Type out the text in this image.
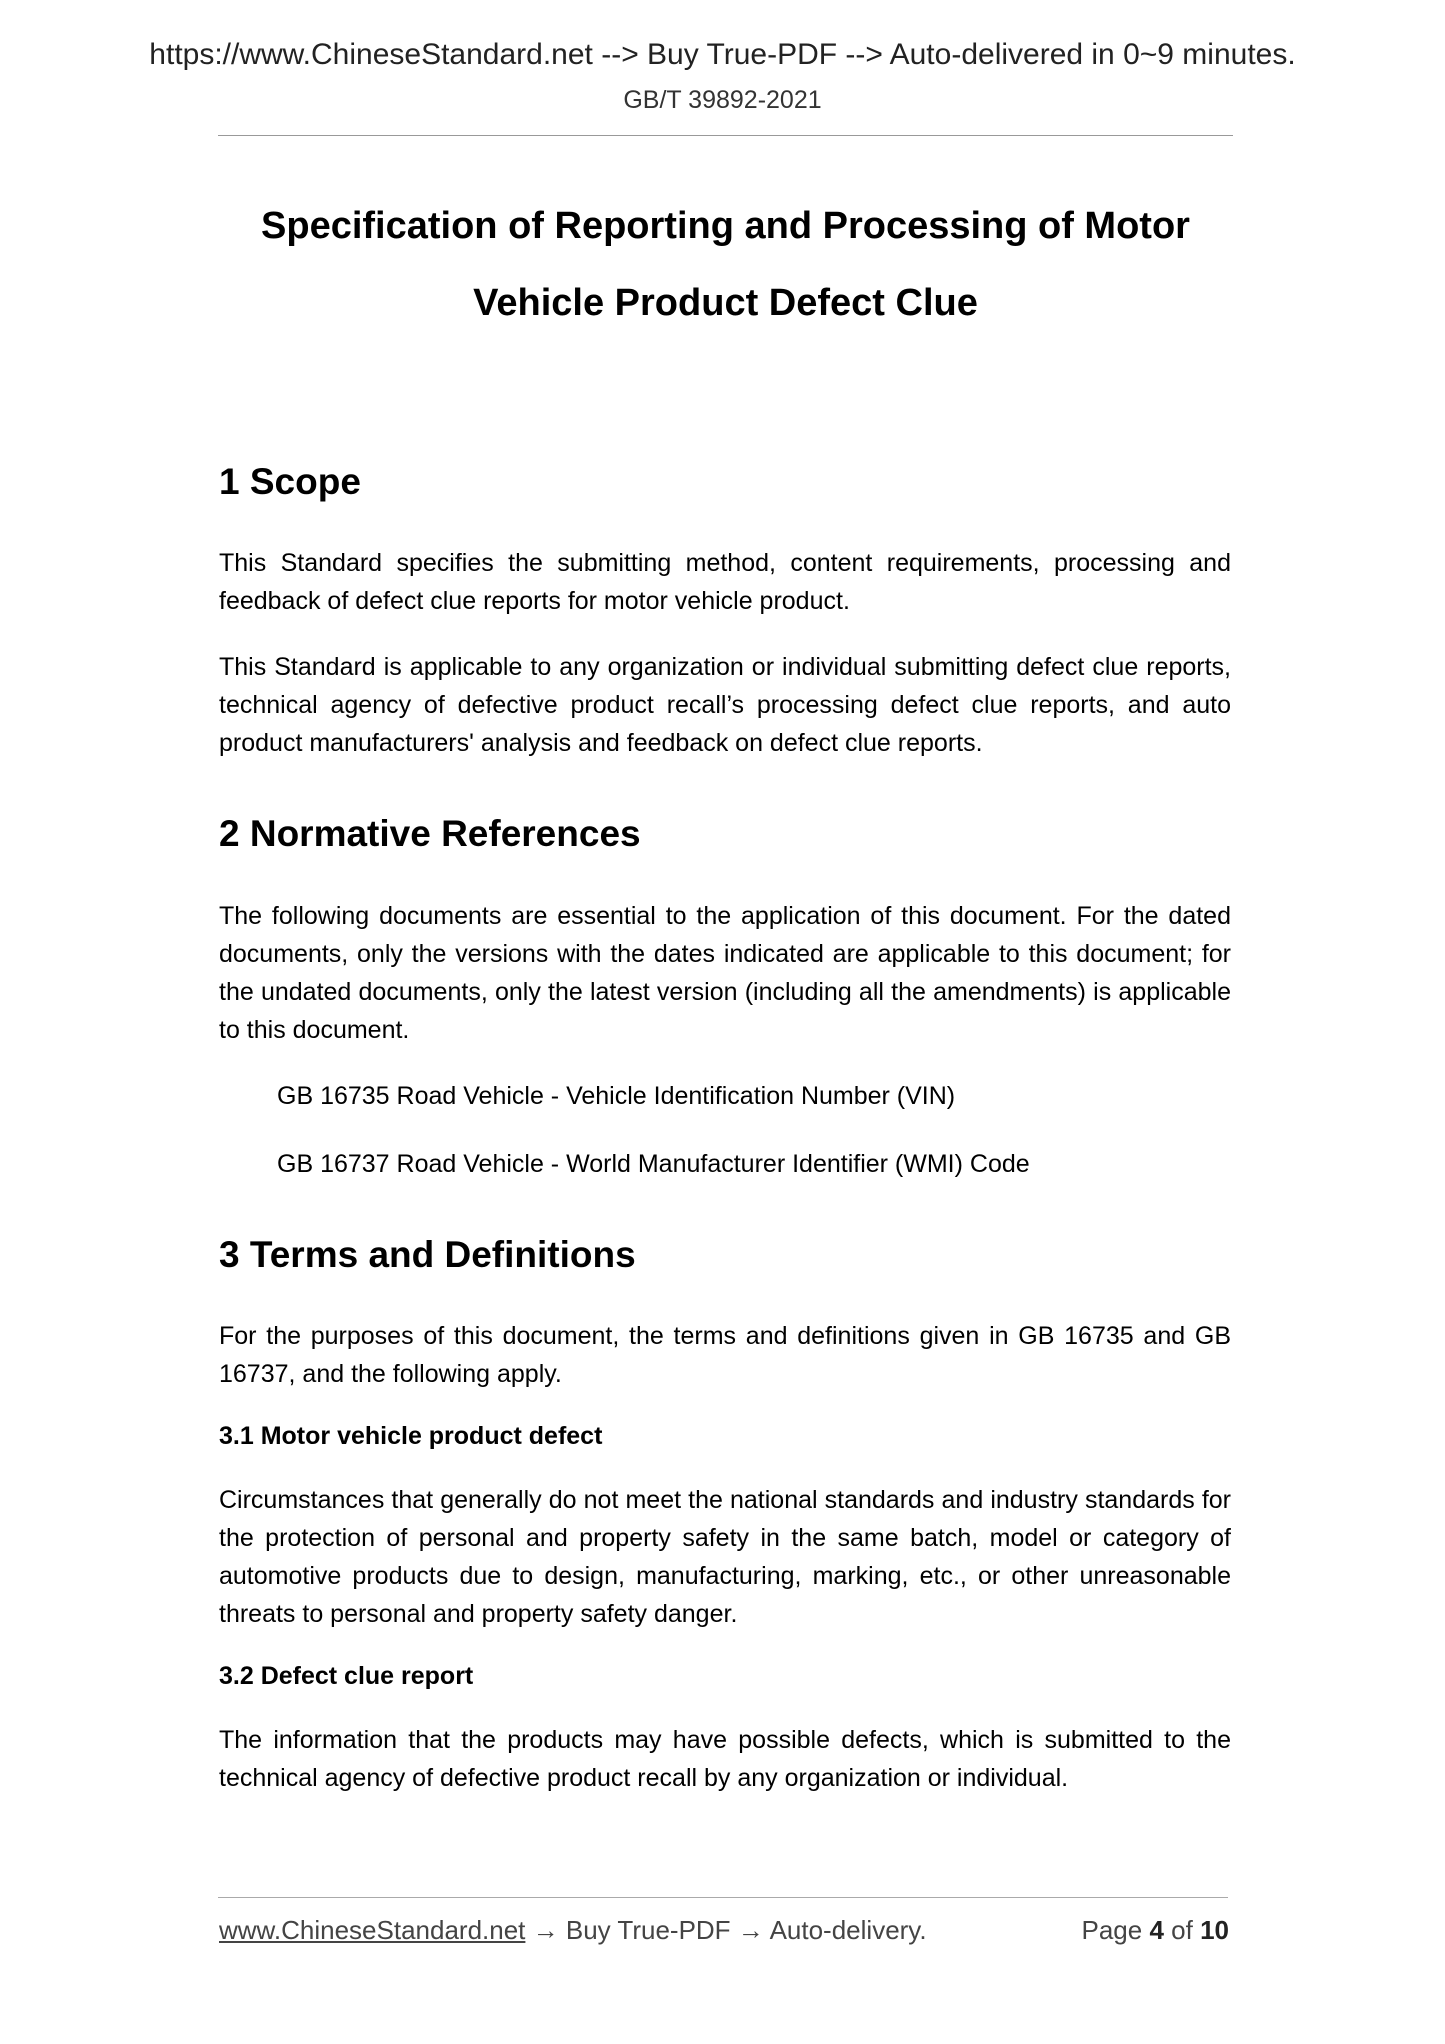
https://www.ChineseStandard.net --> Buy True-PDF --> Auto-delivered in 0~9 minutes.
GB/T 39892-2021
Specification of Reporting and Processing of Motor
Vehicle Product Defect Clue
1 Scope

This Standard specifies the submitting method, content requirements, processing and feedback of defect clue reports for motor vehicle product.

This Standard is applicable to any organization or individual submitting defect clue reports, technical agency of defective product recall’s processing defect clue reports, and auto product manufacturers' analysis and feedback on defect clue reports.

2 Normative References

The following documents are essential to the application of this document. For the dated documents, only the versions with the dates indicated are applicable to this document; for the undated documents, only the latest version (including all the amendments) is applicable to this document.

GB 16735 Road Vehicle - Vehicle Identification Number (VIN)
GB 16737 Road Vehicle - World Manufacturer Identifier (WMI) Code
3 Terms and Definitions

For the purposes of this document, the terms and definitions given in GB 16735 and GB 16737, and the following apply.

3.1 Motor vehicle product defect

Circumstances that generally do not meet the national standards and industry standards for the protection of personal and property safety in the same batch, model or category of automotive products due to design, manufacturing, marking, etc., or other unreasonable threats to personal and property safety danger.

3.2 Defect clue report

The information that the products may have possible defects, which is submitted to the technical agency of defective product recall by any organization or individual.

www.ChineseStandard.net → Buy True-PDF → Auto-delivery.	Page 4 of 10
